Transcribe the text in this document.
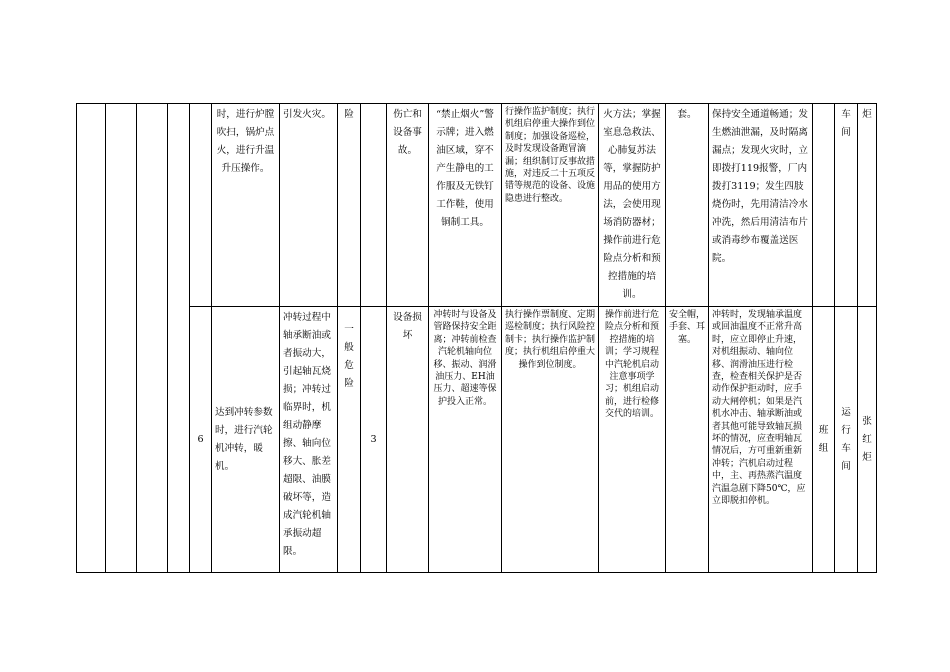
					时，进行炉膛吹扫，锅炉点火，进行升温升压操作。	引发火灾。	险		伤亡和设备事故。	“禁止烟火”警示牌；进入燃油区域，穿不产生静电的工作服及无铁钉工作鞋，使用铜制工具。	行操作监护制度；执行机组启停重大操作到位制度；加强设备巡检，及时发现设备跑冒滴漏；组织制订反事故措施，对违反二十五项反错等规范的设备、设施隐患进行整改。	火方法；掌握室息急救法、心肺复苏法等，掌握防护用品的使用方法，会使用现场消防器材；操作前进行危险点分析和预控措施的培训。	套。	保持安全通道畅通；发生燃油泄漏，及时隔离漏点；发现火灾时，立即拨打119报警，厂内拨打3119；发生四肢烧伤时，先用清洁冷水冲洗，然后用清洁布片或消毒纱布覆盖送医院。		车间	炬
				6	达到冲转参数时，进行汽轮机冲转，暖机。	冲转过程中轴承断油或者振动大，引起轴瓦烧损；冲转过临界时，机组动静摩擦、轴向位移大、胀差超限、油膜破坏等，造成汽轮机轴承振动超限。	一般危险	3	设备损坏	冲转时与设备及管路保持安全距离；冲转前检查汽轮机轴向位移、振动、润滑油压力、EH油压力、超速等保护投入正常。	执行操作票制度、定期巡检制度；执行风险控制卡；执行操作监护制度；执行机组启停重大操作到位制度。	操作前进行危险点分析和预控措施的培训；学习规程中汽轮机启动注意事项学习；机组启动前，进行检修交代的培训。	安全帽，手套、耳塞。	冲转时，发现轴承温度或回油温度不正常升高时，应立即停止升速，对机组振动、轴向位移、润滑油压进行检查，检查相关保护是否动作保护拒动时，应手动大闸停机；如果是汽机水冲击、轴承断油或者其他可能导致轴瓦损坏的情况，应查明轴瓦情况后，方可重新重新冲转；汽机启动过程中，主、再热蒸汽温度汽温急剧下降50℃，应立即脱扣停机。	班组	运行车间	张红炬
